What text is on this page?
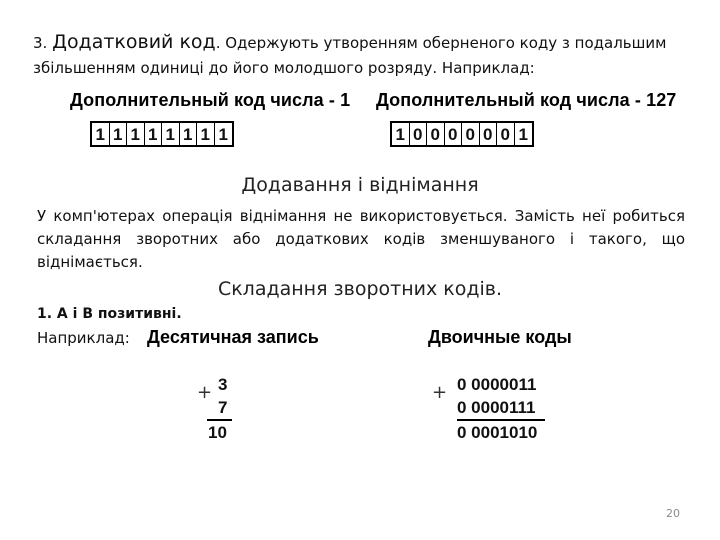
3. Додатковий код. Одержують утворенням оберненого коду з подальшим збільшенням одиниці до його молодшого розряду. Наприклад:
Дополнительный код числа - 1
1 1 1 1 1 1 1 1
Дополнительный код числа - 127
1 0 0 0 0 0 0 1
Додавання і віднімання
У комп'ютерах операція віднімання не використовується. Замість неї робиться складання зворотних або додаткових кодів зменшуваного і такого, що віднімається.
Складання зворотних кодів.
1. А і В позитивні.
Наприклад: Десятичная запись	Двоичные коды
+ 3
7
10
+ 0 0000011
0 0000111
0 0001010
20
